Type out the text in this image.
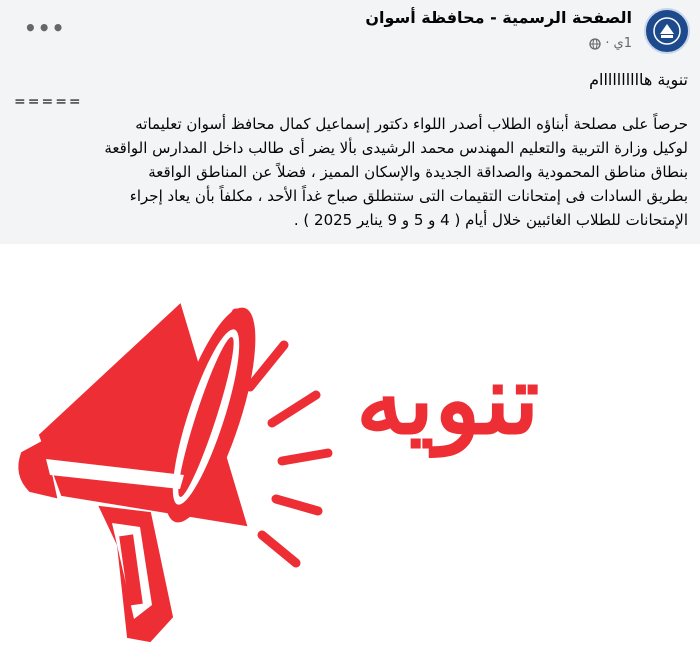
الصفحة الرسمية - محافظة أسوان
1ي
·
•••
تنوية هاااااااااام
=====
حرصاً على مصلحة أبناؤه الطلاب أصدر اللواء دكتور إسماعيل كمال محافظ أسوان تعليماته
لوكيل وزارة التربية والتعليم المهندس محمد الرشيدى بألا يضر أى طالب داخل المدارس الواقعة
بنطاق مناطق المحمودية والصداقة الجديدة والإسكان المميز ، فضلاً عن المناطق الواقعة
بطريق السادات فى إمتحانات التقيمات التى ستنطلق صباح غداً الأحد ، مكلفاً بأن يعاد إجراء
الإمتحانات للطلاب الغائبين خلال أيام ( 4 و 5 و 9 يناير 2025 ) .
تنويه
